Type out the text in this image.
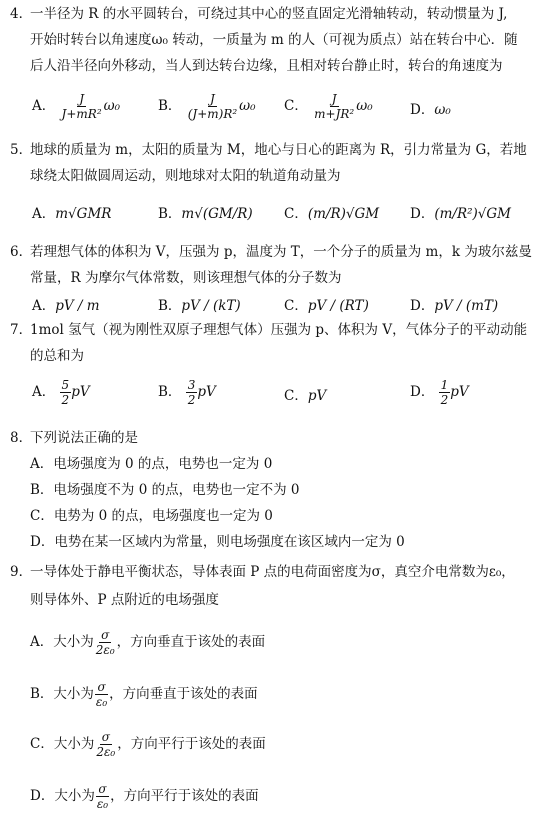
4．一半径为 R 的水平圆转台，可绕过其中心的竖直固定光滑轴转动，转动惯量为 J,
开始时转台以角速度ω₀ 转动，一质量为 m 的人（可视为质点）站在转台中心．随
后人沿半径向外移动，当人到达转台边缘，且相对转台静止时，转台的角速度为
A． $\frac{J}{\text{J+mR²}} \omega_0$	B． $\frac{J}{\text{(J+m)R²}} \omega_0$ C． $\frac{J}{\text{m+JR²}} \omega_0$	D．ω₀
5．地球的质量为 m，太阳的质量为 M，地心与日心的距离为 R，引力常量为 G，若地
球绕太阳做圆周运动，则地球对太阳的轨道角动量为
A．m√GMR	B．m√(GM/R) C．(m/R)√GM D．(m/R²)√GM
6．若理想气体的体积为 V，压强为 p，温度为 T，一个分子的质量为 m，k 为玻尔兹曼
常量，R 为摩尔气体常数，则该理想气体的分子数为
A．pV / m	B．pV / (kT)	C．pV / (RT)	D．pV / (mT)
7．1mol 氢气（视为刚性双原子理想气体）压强为 p、体积为 V，气体分子的平动动能
的总和为
A． $\frac{5}{2}$ pV	B． $\frac{3}{2}$ pV	C．pV	D． $\frac{1}{2}$ pV
8．下列说法正确的是
A．电场强度为 0 的点，电势也一定为 0
B．电场强度不为 0 的点，电势也一定不为 0
C．电势为 0 的点，电场强度也一定为 0
D．电势在某一区域内为常量，则电场强度在该区域内一定为 0
9．一导体处于静电平衡状态，导体表面 P 点的电荷面密度为σ，真空介电常数为ε₀，
则导体外、P 点附近的电场强度
A．大小为 $\frac{\sigma}{\text{2ε₀}}$ ，方向垂直于该处的表面
B．大小为 $\frac{\sigma}{\text{ε₀}}$ ，方向垂直于该处的表面
C．大小为 $\frac{\sigma}{\text{2ε₀}}$ ，方向平行于该处的表面
D．大小为 $\frac{\sigma}{\text{ε₀}}$ ，方向平行于该处的表面
